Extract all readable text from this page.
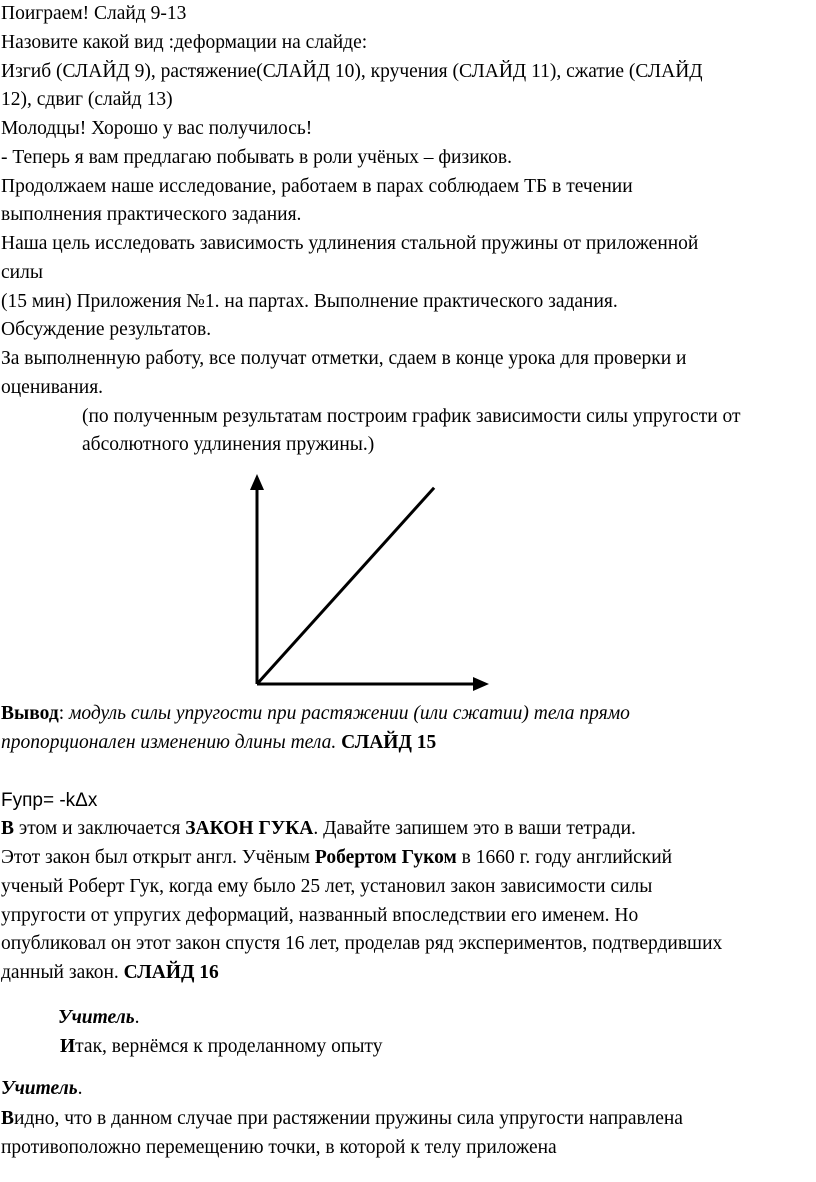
Поиграем! Слайд 9-13
Назовите какой вид :деформации на слайде:
Изгиб (СЛАЙД 9), растяжение(СЛАЙД 10), кручения (СЛАЙД 11), сжатие (СЛАЙД
12), сдвиг (слайд 13)
Молодцы! Хорошо у вас получилось!
- Теперь я вам предлагаю побывать в роли учёных – физиков.
Продолжаем наше исследование, работаем в парах соблюдаем ТБ в течении
выполнения практического задания.
Наша цель исследовать зависимость удлинения стальной пружины от приложенной
силы
(15 мин) Приложения №1. на партах. Выполнение практического задания.
Обсуждение результатов.
За выполненную работу, все получат отметки, сдаем в конце урока для проверки и
оценивания.
(по полученным результатам построим график зависимости силы упругости от
абсолютного удлинения пружины.)
Вывод: модуль силы упругости при растяжении (или сжатии) тела прямо
пропорционален изменению длины тела. СЛАЙД 15
Fупр= -kΔx
В этом и заключается ЗАКОН ГУКА. Давайте запишем это в ваши тетради.
Этот закон был открыт англ. Учёным Робертом Гуком в 1660 г. году английский
ученый Роберт Гук, когда ему было 25 лет, установил закон зависимости силы
упругости от упругих деформаций, названный впоследствии его именем. Но
опубликовал он этот закон спустя 16 лет, проделав ряд экспериментов, подтвердивших
данный закон. СЛАЙД 16
Учитель.
Итак, вернёмся к проделанному опыту
Учитель.
Видно, что в данном случае при растяжении пружины сила упругости направлена
противоположно перемещению точки, в которой к телу приложена
